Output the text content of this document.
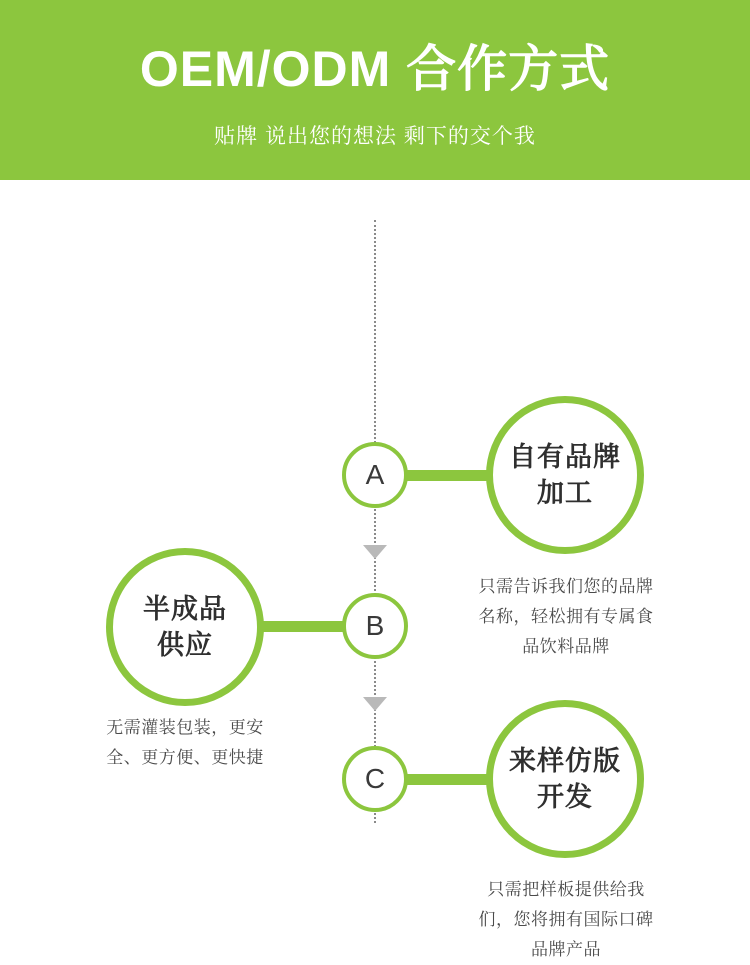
OEM/ODM 合作方式
贴牌 说出您的想法 剩下的交个我
A
自有品牌
加工
只需告诉我们您的品牌
名称，轻松拥有专属食
品饮料品牌
B
半成品
供应
无需灌装包装，更安
全、更方便、更快捷
C
来样仿版
开发
只需把样板提供给我
们，您将拥有国际口碑
品牌产品
